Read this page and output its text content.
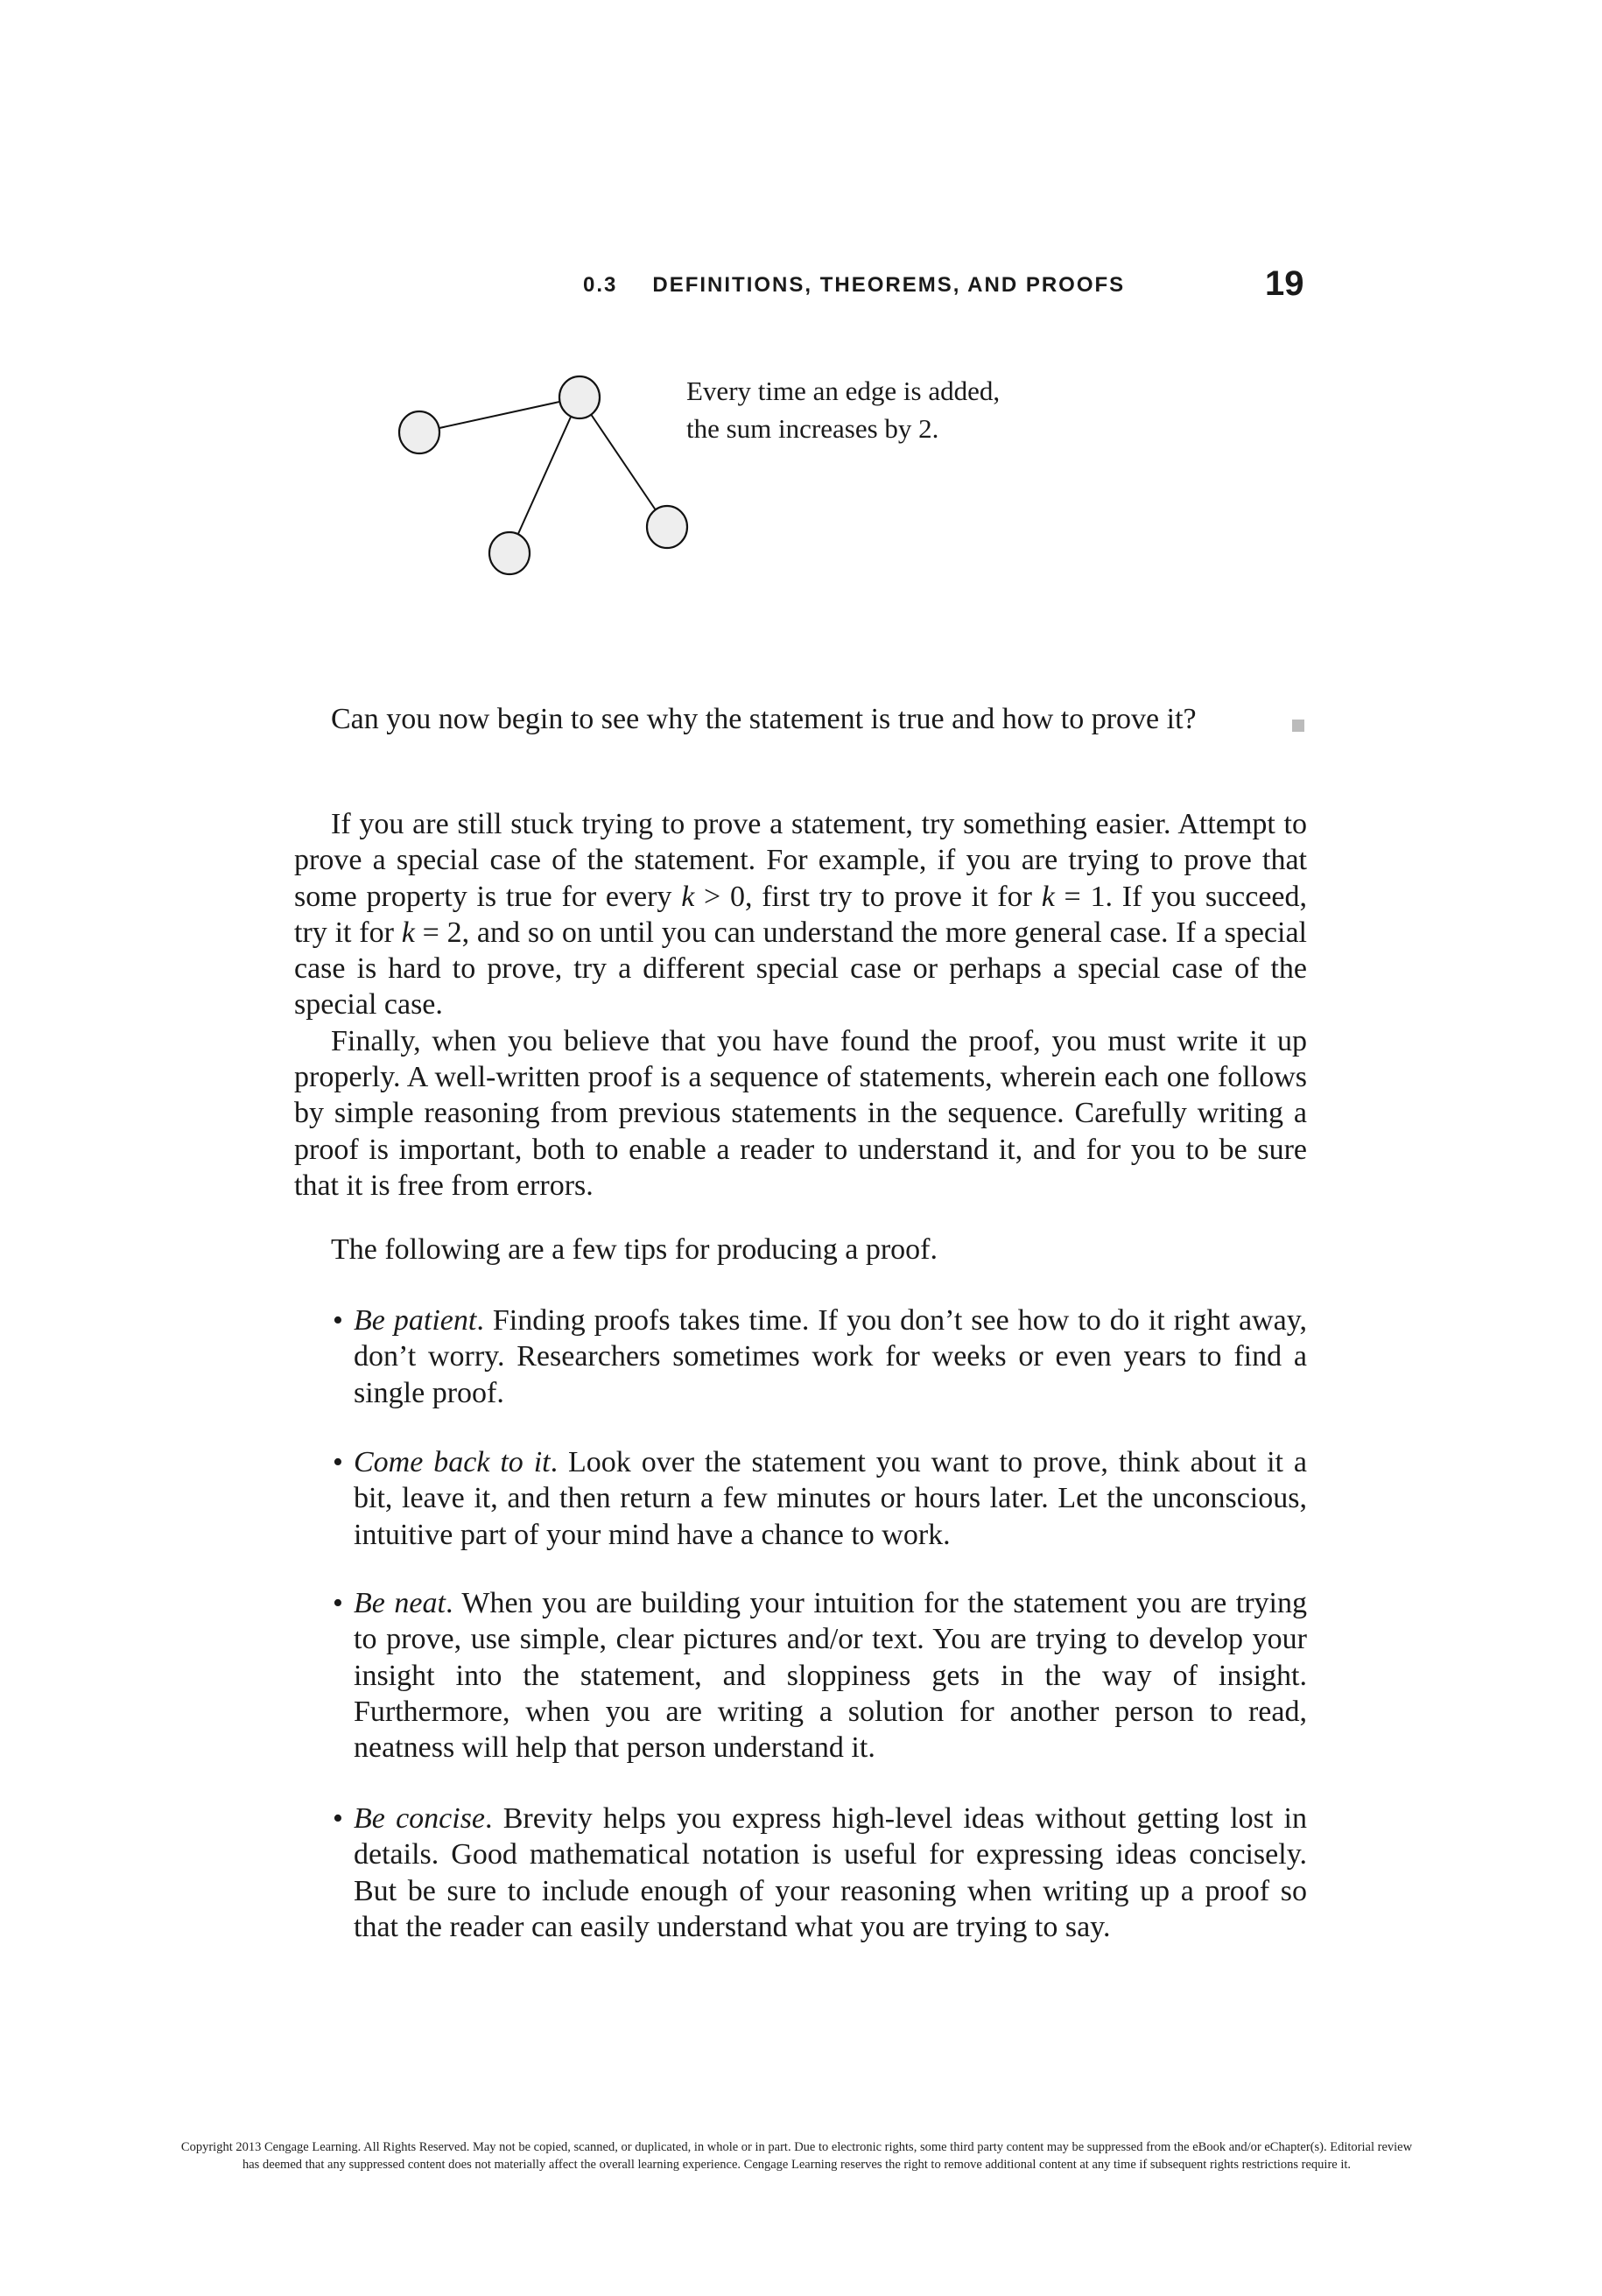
0.3 DEFINITIONS, THEOREMS, AND PROOFS	19
Every time an edge is added,
the sum increases by 2.
Can you now begin to see why the statement is true and how to prove it?

If you are still stuck trying to prove a statement, try something easier. Attempt to prove a special case of the statement. For example, if you are trying to prove that some property is true for every k > 0, first try to prove it for k = 1. If you succeed, try it for k = 2, and so on until you can understand the more general case. If a special case is hard to prove, try a different special case or perhaps a special case of the special case.

Finally, when you believe that you have found the proof, you must write it up properly. A well-written proof is a sequence of statements, wherein each one follows by simple reasoning from previous statements in the sequence. Carefully writing a proof is important, both to enable a reader to understand it, and for you to be sure that it is free from errors.

The following are a few tips for producing a proof.

• Be patient. Finding proofs takes time. If you don’t see how to do it right away, don’t worry. Researchers sometimes work for weeks or even years to find a single proof.
• Come back to it. Look over the statement you want to prove, think about it a bit, leave it, and then return a few minutes or hours later. Let the unconscious, intuitive part of your mind have a chance to work.
• Be neat. When you are building your intuition for the statement you are trying to prove, use simple, clear pictures and/or text. You are trying to develop your insight into the statement, and sloppiness gets in the way of insight. Furthermore, when you are writing a solution for another person to read, neatness will help that person understand it.
• Be concise. Brevity helps you express high-level ideas without getting lost in details. Good mathematical notation is useful for expressing ideas concisely. But be sure to include enough of your reasoning when writing up a proof so that the reader can easily understand what you are trying to say.
Copyright 2013 Cengage Learning. All Rights Reserved. May not be copied, scanned, or duplicated, in whole or in part. Due to electronic rights, some third party content may be suppressed from the eBook and/or eChapter(s). Editorial review has deemed that any suppressed content does not materially affect the overall learning experience. Cengage Learning reserves the right to remove additional content at any time if subsequent rights restrictions require it.
